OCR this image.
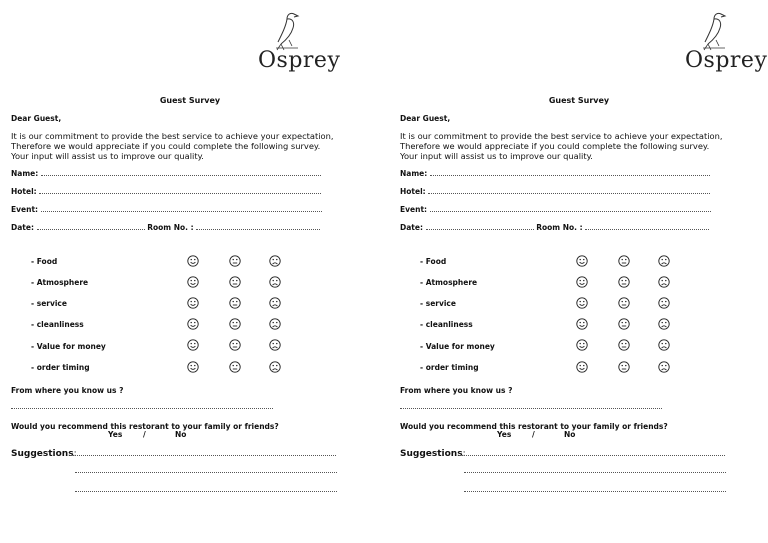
Osprey
Guest Survey
Dear Guest,
It is our commitment to provide the best service to achieve your expectation,
Therefore we would appreciate if you could complete the following survey.
Your input will assist us to improve our quality.
Name:
Hotel:
Event:
Date:	Room No. :
- Food
- Atmosphere
- service
- cleanliness
- Value for money
- order timing
From where you know us ?
Would you recommend this restorant to your family or friends?
Yes	/	No
Suggestions:
Osprey
Guest Survey
Dear Guest,
It is our commitment to provide the best service to achieve your expectation,
Therefore we would appreciate if you could complete the following survey.
Your input will assist us to improve our quality.
Name:
Hotel:
Event:
Date:	Room No. :
- Food
- Atmosphere
- service
- cleanliness
- Value for money
- order timing
From where you know us ?
Would you recommend this restorant to your family or friends?
Yes	/	No
Suggestions:
